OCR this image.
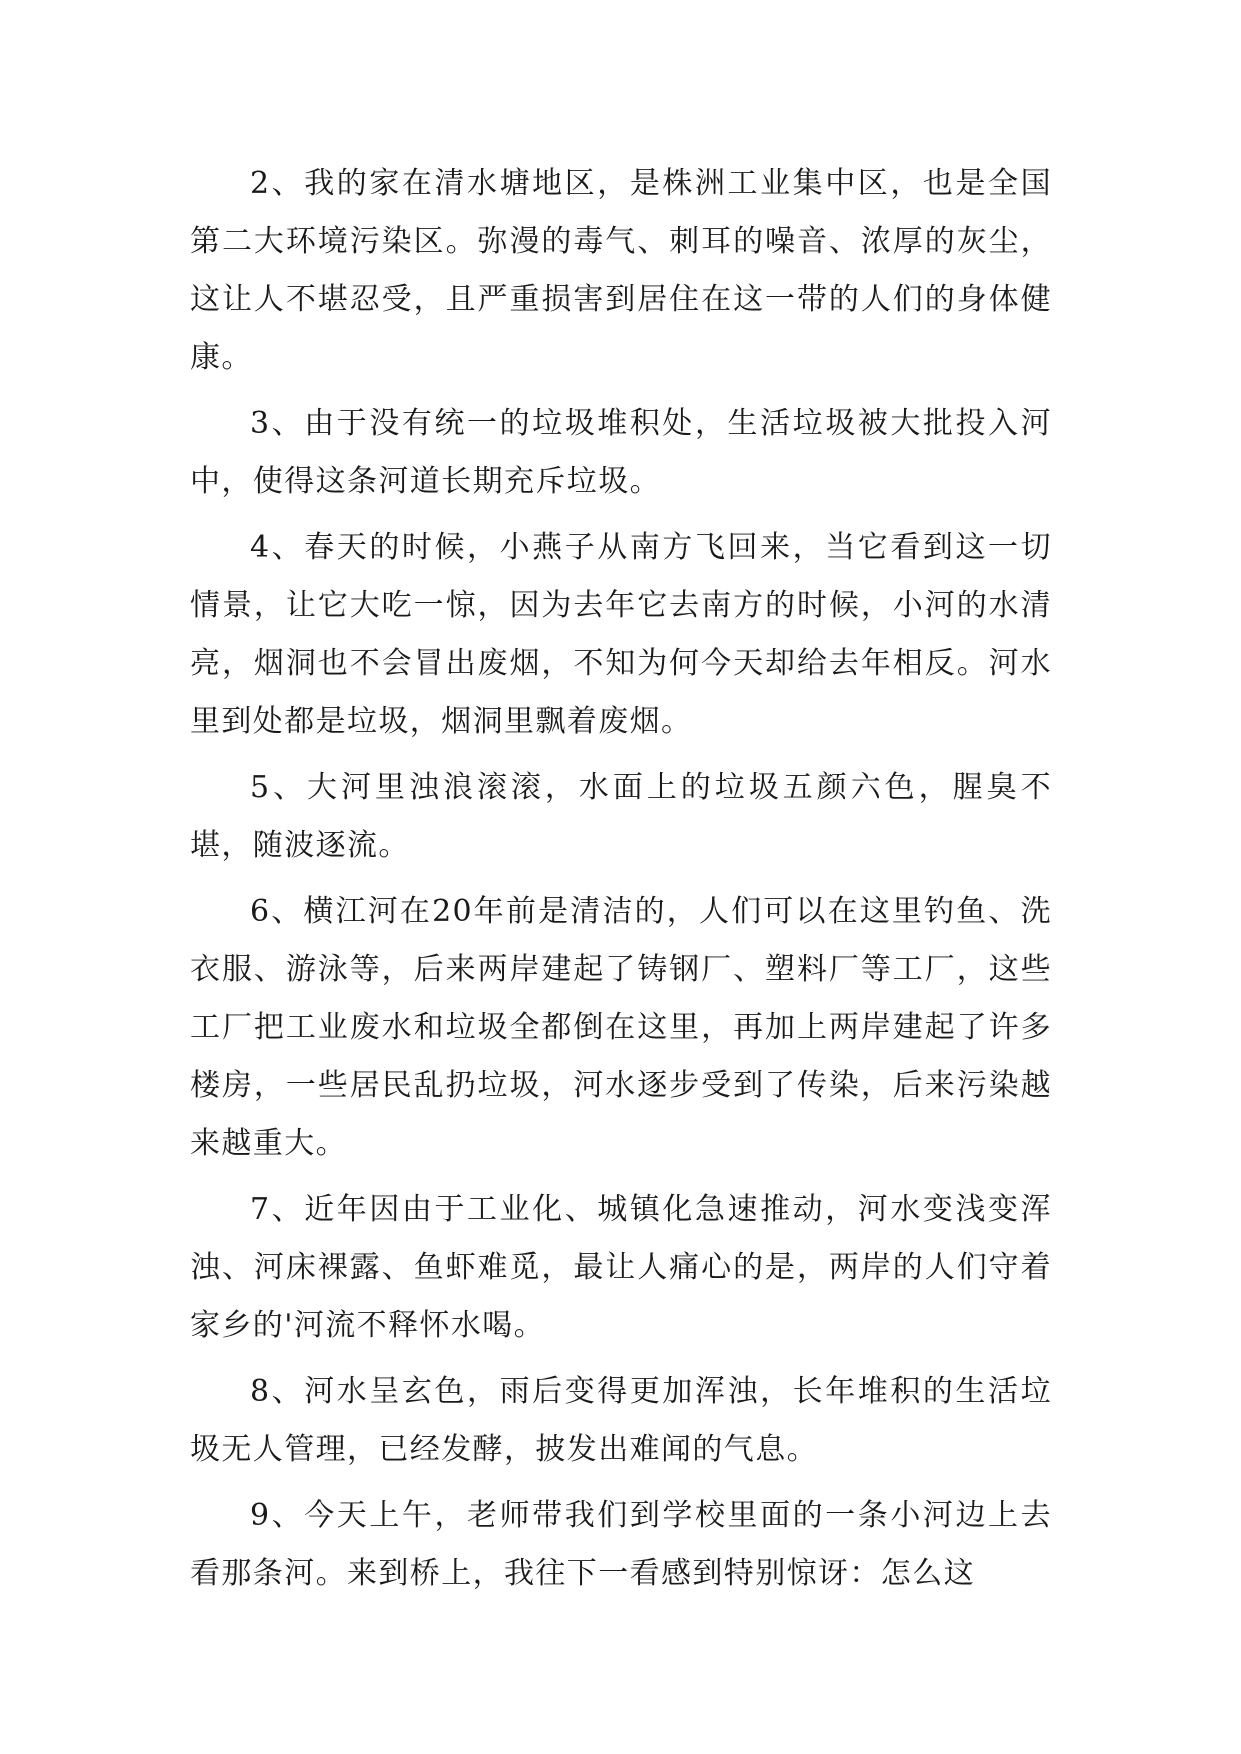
2、我的家在清水塘地区，是株洲工业集中区，也是全国第二大环境污染区。弥漫的毒气、刺耳的噪音、浓厚的灰尘，这让人不堪忍受，且严重损害到居住在这一带的人们的身体健康。

3、由于没有统一的垃圾堆积处，生活垃圾被大批投入河中，使得这条河道长期充斥垃圾。

4、春天的时候，小燕子从南方飞回来，当它看到这一切情景，让它大吃一惊，因为去年它去南方的时候，小河的水清亮，烟洞也不会冒出废烟，不知为何今天却给去年相反。河水里到处都是垃圾，烟洞里飘着废烟。

5、大河里浊浪滚滚，水面上的垃圾五颜六色，腥臭不堪，随波逐流。

6、横江河在20年前是清洁的，人们可以在这里钓鱼、洗衣服、游泳等，后来两岸建起了铸钢厂、塑料厂等工厂，这些工厂把工业废水和垃圾全都倒在这里，再加上两岸建起了许多楼房，一些居民乱扔垃圾，河水逐步受到了传染，后来污染越来越重大。

7、近年因由于工业化、城镇化急速推动，河水变浅变浑浊、河床裸露、鱼虾难觅，最让人痛心的是，两岸的人们守着家乡的'河流不释怀水喝。

8、河水呈玄色，雨后变得更加浑浊，长年堆积的生活垃圾无人管理，已经发酵，披发出难闻的气息。

9、今天上午，老师带我们到学校里面的一条小河边上去看那条河。来到桥上，我往下一看感到特别惊讶：怎么这
